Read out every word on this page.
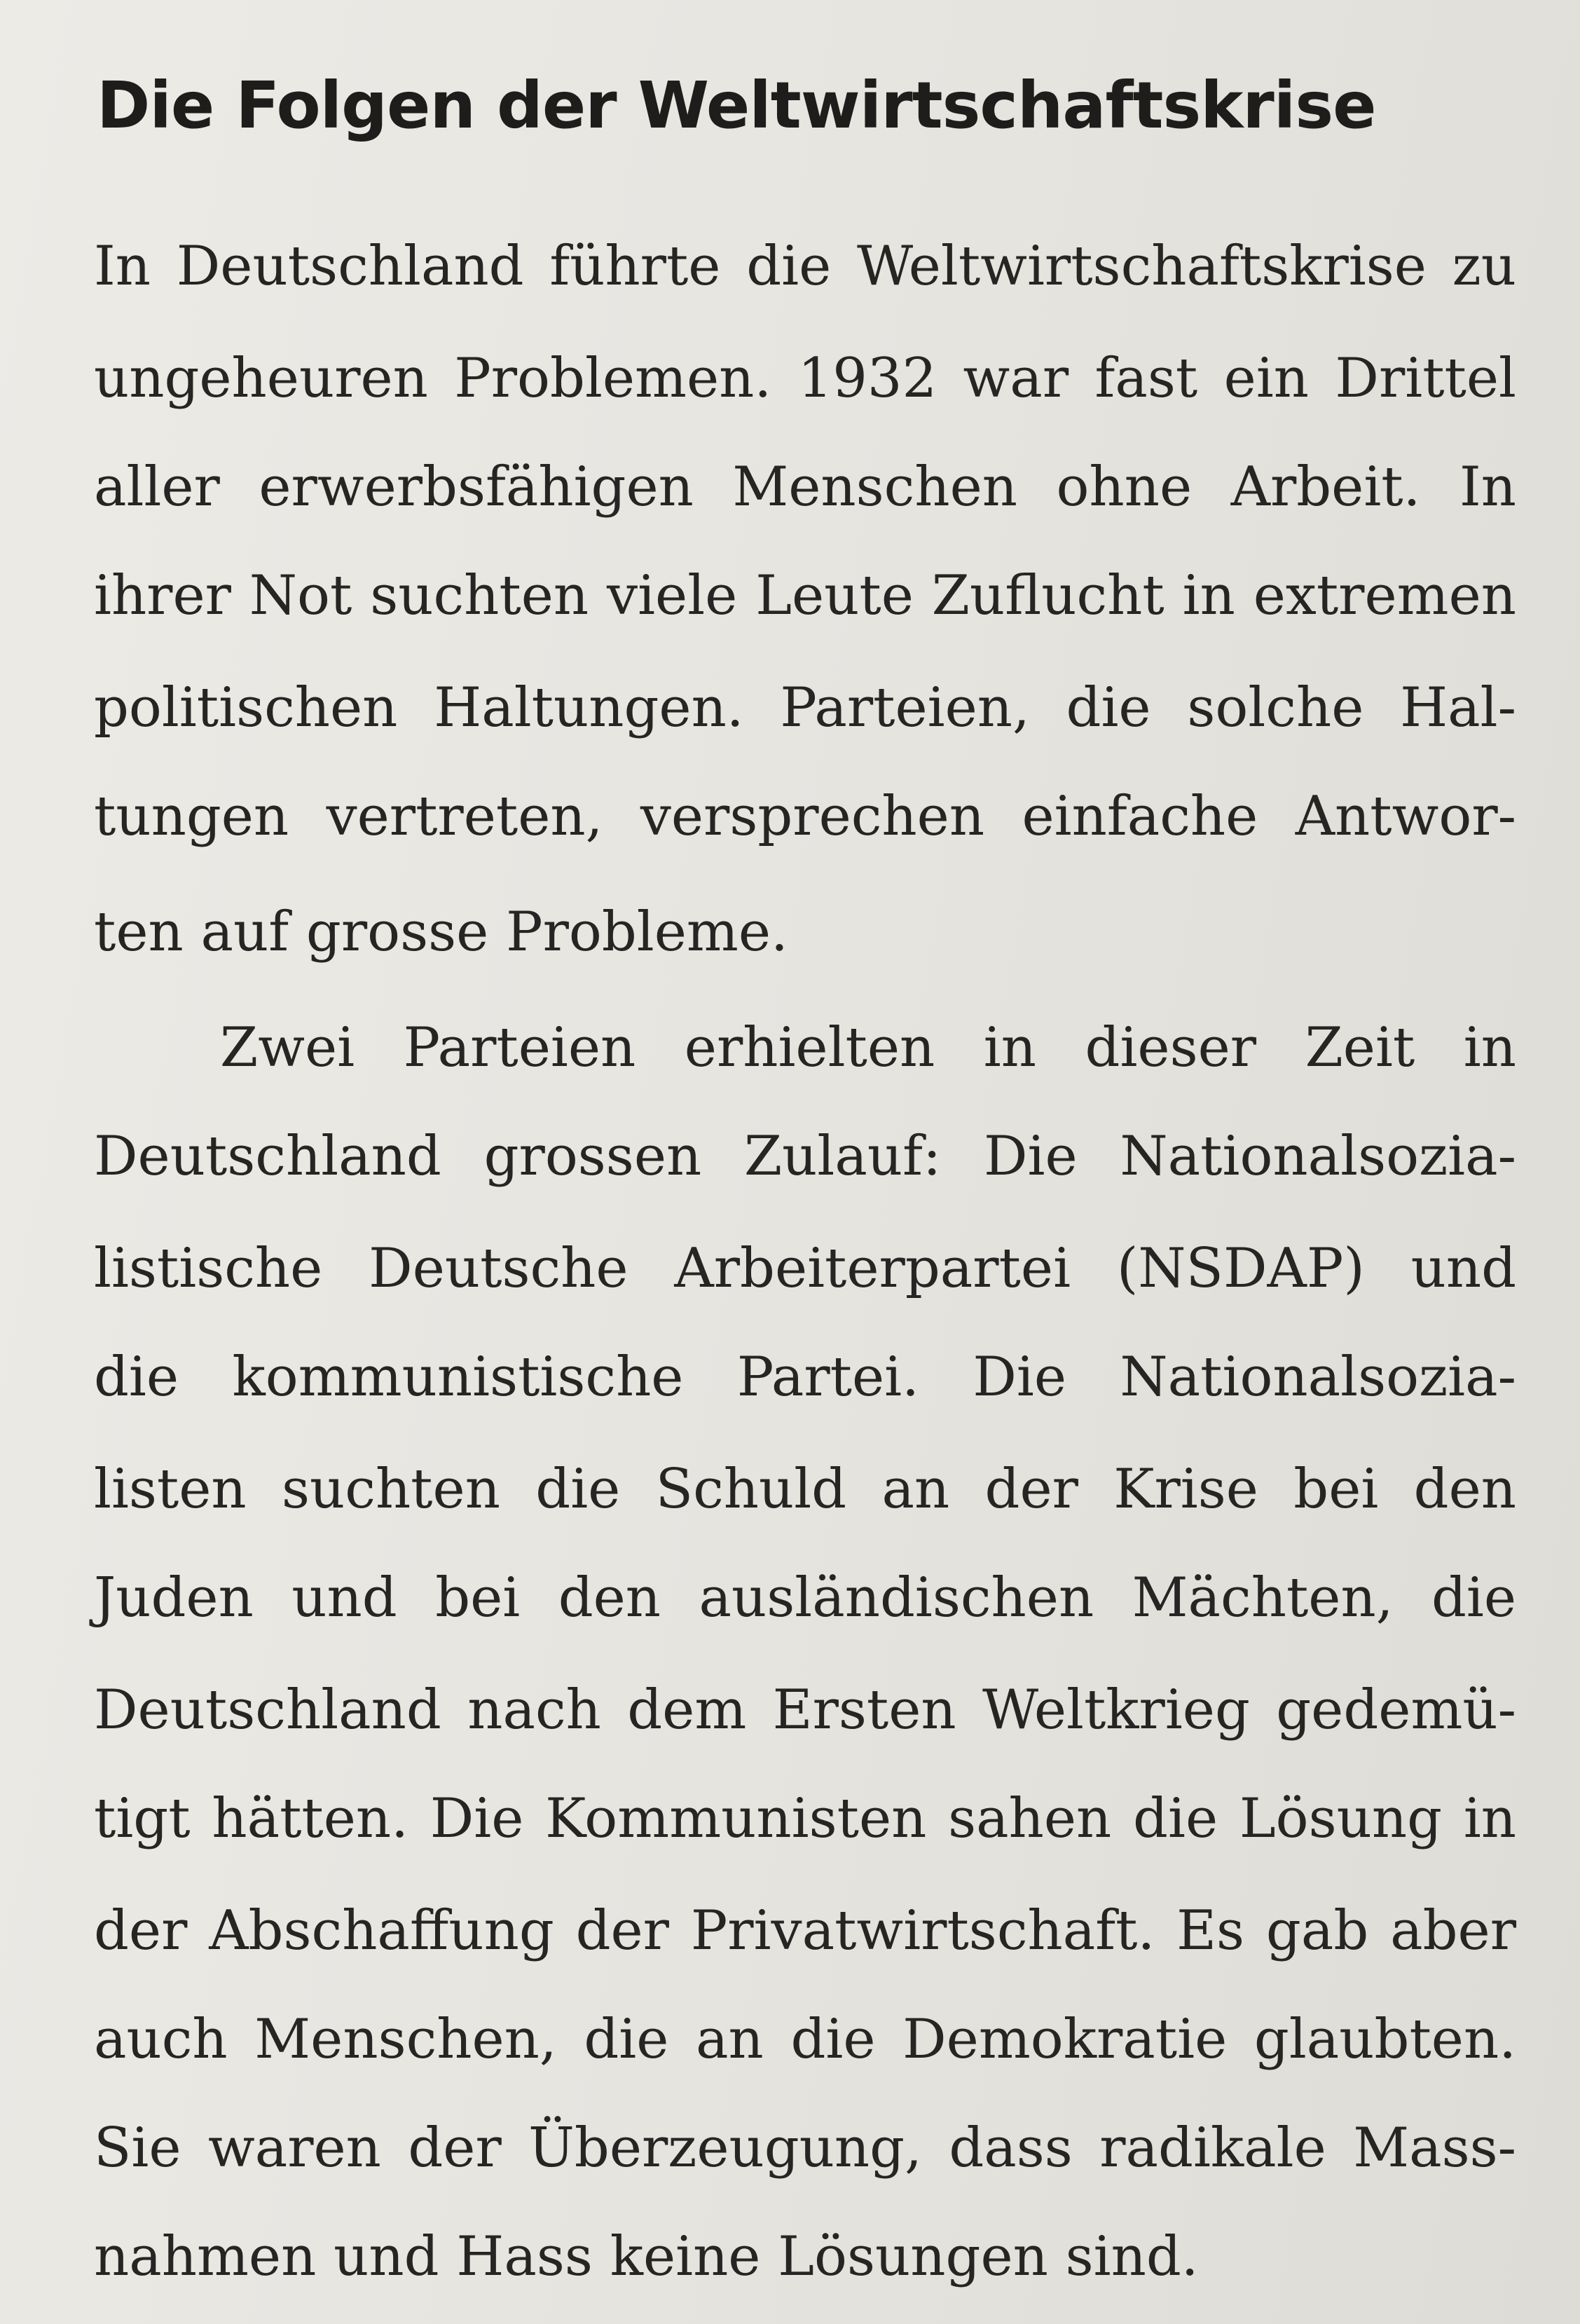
Die Folgen der Weltwirtschaftskrise

In Deutschland führte die Weltwirtschaftskrise zu

ungeheuren Problemen. 1932 war fast ein Drittel

aller erwerbsfähigen Menschen ohne Arbeit. In

ihrer Not suchten viele Leute Zuflucht in extremen

politischen Haltungen. Parteien, die solche Hal-

tungen vertreten, versprechen einfache Antwor-

ten auf grosse Probleme.

Zwei Parteien erhielten in dieser Zeit in

Deutschland grossen Zulauf: Die Nationalsozia-

listische Deutsche Arbeiterpartei (NSDAP) und

die kommunistische Partei. Die Nationalsozia-

listen suchten die Schuld an der Krise bei den

Juden und bei den ausländischen Mächten, die

Deutschland nach dem Ersten Weltkrieg gedemü-

tigt hätten. Die Kommunisten sahen die Lösung in

der Abschaffung der Privatwirtschaft. Es gab aber

auch Menschen, die an die Demokratie glaubten.

Sie waren der Überzeugung, dass radikale Mass-

nahmen und Hass keine Lösungen sind.
